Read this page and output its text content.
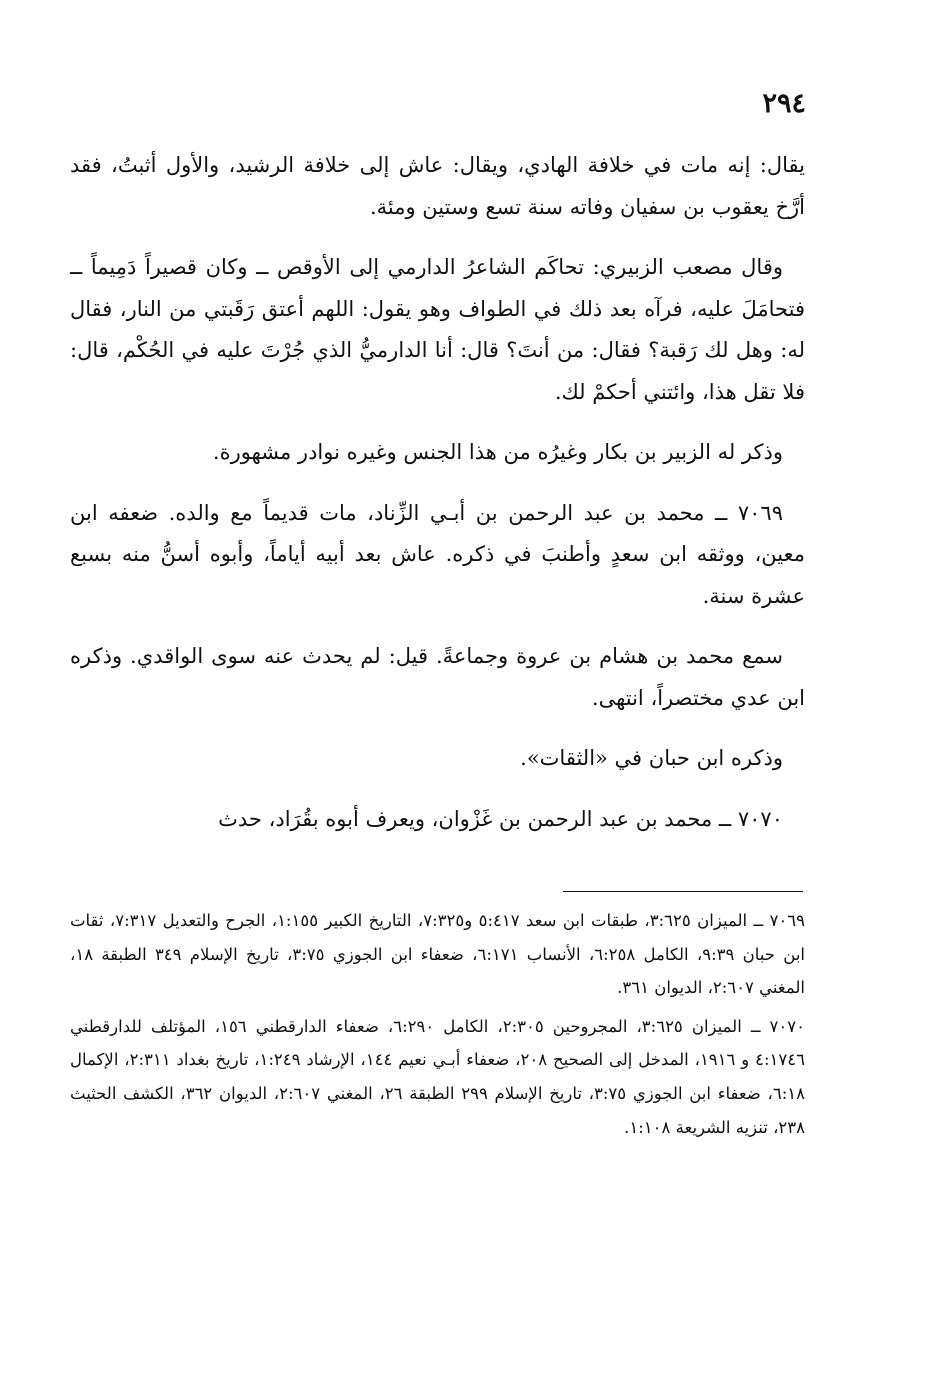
٢٩٤

يقال: إنه مات في خلافة الهادي، ويقال: عاش إلى خلافة الرشيد، والأول أثبتُ، فقد أرَّخ يعقوب بن سفيان وفاته سنة تسع وستين ومئة.

وقال مصعب الزبيري: تحاكَم الشاعرُ الدارمي إلى الأوقص ــ وكان قصيراً دَمِيماً ــ فتحامَلَ عليه، فرآه بعد ذلك في الطواف وهو يقول: اللهم أعتق رَقَبتي من النار، فقال له: وهل لك رَقبة؟ فقال: من أنتَ؟ قال: أنا الدارميُّ الذي جُرْتَ عليه في الحُكْم، قال: فلا تقل هذا، وائتني أحكمْ لك.

وذكر له الزبير بن بكار وغيرُه من هذا الجنس وغيره نوادر مشهورة.

٧٠٦٩ ــ محمد بن عبد الرحمن بن أبـي الزِّناد، مات قديماً مع والده. ضعفه ابن معين، ووثقه ابن سعدٍ وأطنبَ في ذكره. عاش بعد أبيه أياماً، وأبوه أسنُّ منه بسبع عشرة سنة.

سمع محمد بن هشام بن عروة وجماعةً. قيل: لم يحدث عنه سوى الواقدي. وذكره ابن عدي مختصراً، انتهى.

وذكره ابن حبان في «الثقات».

٧٠٧٠ ــ محمد بن عبد الرحمن بن غَزْوان، ويعرف أبوه بقُرَاد، حدث

٧٠٦٩ ــ الميزان ٣:٦٢٥، طبقات ابن سعد ٥:٤١٧ و٧:٣٢٥، التاريخ الكبير ١:١٥٥، الجرح والتعديل ٧:٣١٧، ثقات ابن حبان ٩:٣٩، الكامل ٦:٢٥٨، الأنساب ٦:١٧١، ضعفاء ابن الجوزي ٣:٧٥، تاريخ الإسلام ٣٤٩ الطبقة ١٨، المغني ٢:٦٠٧، الديوان ٣٦١.

٧٠٧٠ ــ الميزان ٣:٦٢٥، المجروحين ٢:٣٠٥، الكامل ٦:٢٩٠، ضعفاء الدارقطني ١٥٦، المؤتلف للدارقطني ٤:١٧٤٦ و ١٩١٦، المدخل إلى الصحيح ٢٠٨، ضعفاء أبـي نعيم ١٤٤، الإرشاد ١:٢٤٩، تاريخ بغداد ٢:٣١١، الإكمال ٦:١٨، ضعفاء ابن الجوزي ٣:٧٥، تاريخ الإسلام ٢٩٩ الطبقة ٢٦، المغني ٢:٦٠٧، الديوان ٣٦٢، الكشف الحثيث ٢٣٨، تنزيه الشريعة ١:١٠٨.
